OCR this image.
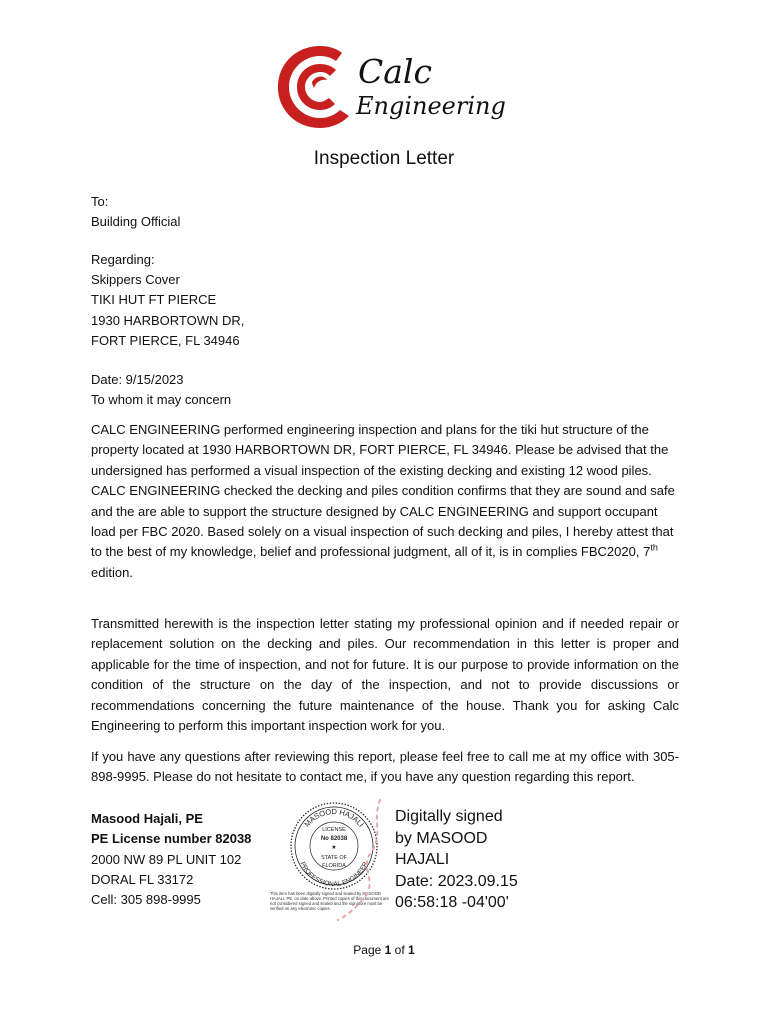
Calc
Engineering
Inspection Letter
To:
Building Official
Regarding:
Skippers Cover
TIKI HUT FT PIERCE
1930 HARBORTOWN DR,
FORT PIERCE, FL 34946
Date: 9/15/2023
To whom it may concern
CALC ENGINEERING performed engineering inspection and plans for the tiki hut structure of the property located at 1930 HARBORTOWN DR, FORT PIERCE, FL 34946. Please be advised that the undersigned has performed a visual inspection of the existing decking and existing 12 wood piles. CALC ENGINEERING checked the decking and piles condition confirms that they are sound and safe and the are able to support the structure designed by CALC ENGINEERING and support occupant load per FBC 2020. Based solely on a visual inspection of such decking and piles, I hereby attest that to the best of my knowledge, belief and professional judgment, all of it, is in complies FBC2020, 7th edition.
Transmitted herewith is the inspection letter stating my professional opinion and if needed repair or replacement solution on the decking and piles. Our recommendation in this letter is proper and applicable for the time of inspection, and not for future. It is our purpose to provide information on the condition of the structure on the day of the inspection, and not to provide discussions or recommendations concerning the future maintenance of the house. Thank you for asking Calc Engineering to perform this important inspection work for you.
If you have any questions after reviewing this report, please feel free to call me at my office with 305-898-9995. Please do not hesitate to contact me, if you have any question regarding this report.
Masood Hajali, PE
PE License number 82038
2000 NW 89 PL UNIT 102
DORAL FL 33172
Cell: 305 898-9995
MASOOD HAJALI
PROFESSIONAL ENGINEER
LICENSE
No 82038
★
STATE OF
FLORIDA
This item has been digitally signed and sealed by MASOOD HAJALI, PE, on date above. Printed copies of this document are not considered signed and sealed and the signature must be verified on any electronic copies.
Digitally signed
by MASOOD
HAJALI
Date: 2023.09.15
06:58:18 -04'00'
Page 1 of 1
